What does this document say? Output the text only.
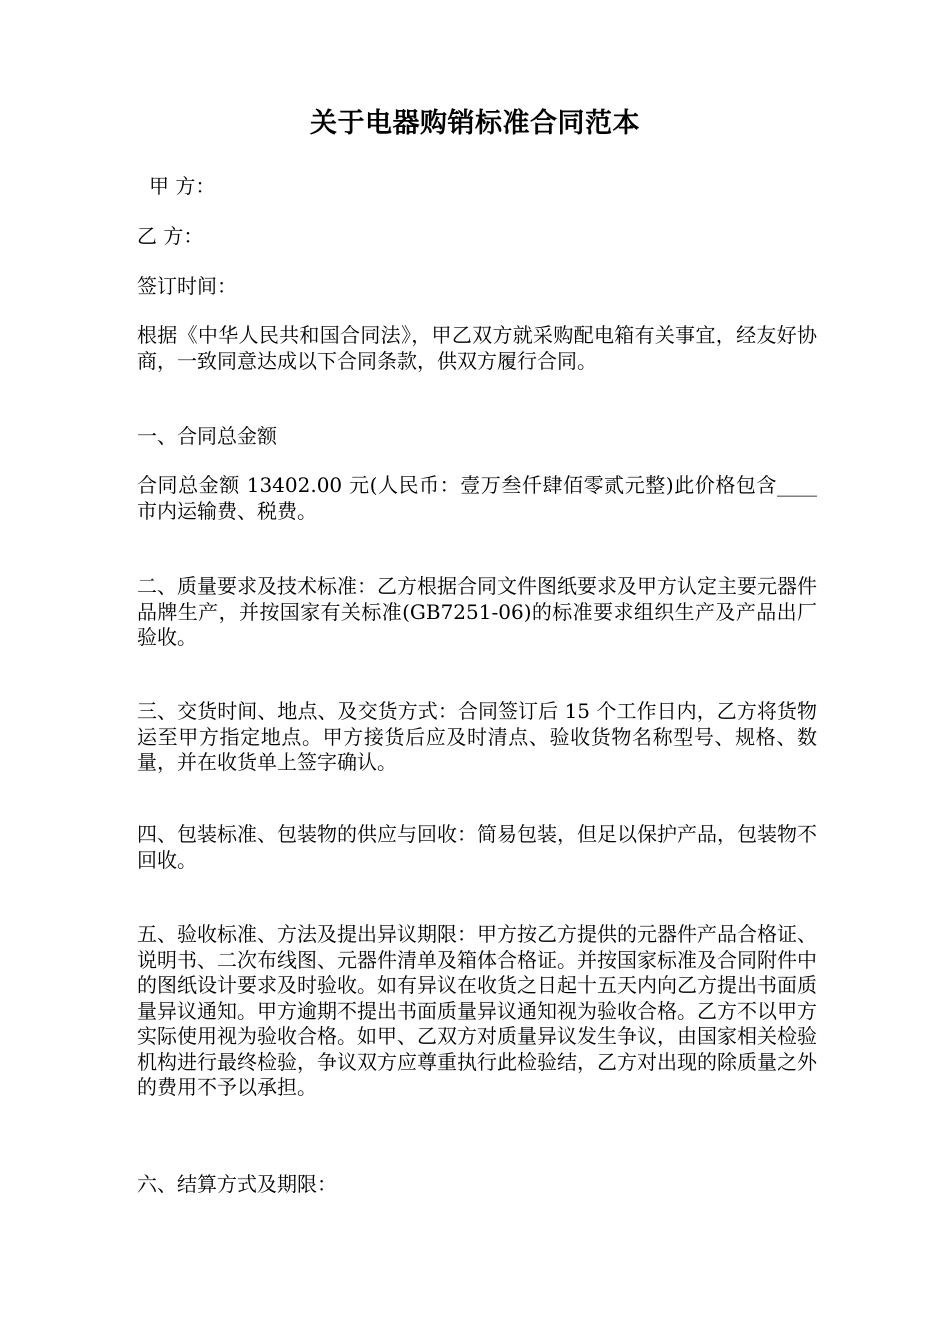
关于电器购销标准合同范本

甲 方：

乙 方：

签订时间：

根据《中华人民共和国合同法》，甲乙双方就采购配电箱有关事宜，经友好协商，一致同意达成以下合同条款，供双方履行合同。

一、合同总金额

合同总金额 13402.00 元(人民币：壹万叁仟肆佰零贰元整)此价格包含____市内运输费、税费。

二、质量要求及技术标准：乙方根据合同文件图纸要求及甲方认定主要元器件品牌生产，并按国家有关标准(GB7251-06)的标准要求组织生产及产品出厂验收。

三、交货时间、地点、及交货方式：合同签订后 15 个工作日内，乙方将货物运至甲方指定地点。甲方接货后应及时清点、验收货物名称型号、规格、数量，并在收货单上签字确认。

四、包装标准、包装物的供应与回收：简易包装，但足以保护产品，包装物不回收。

五、验收标准、方法及提出异议期限：甲方按乙方提供的元器件产品合格证、说明书、二次布线图、元器件清单及箱体合格证。并按国家标准及合同附件中的图纸设计要求及时验收。如有异议在收货之日起十五天内向乙方提出书面质量异议通知。甲方逾期不提出书面质量异议通知视为验收合格。乙方不以甲方实际使用视为验收合格。如甲、乙双方对质量异议发生争议，由国家相关检验机构进行最终检验，争议双方应尊重执行此检验结，乙方对出现的除质量之外的费用不予以承担。

六、结算方式及期限：
